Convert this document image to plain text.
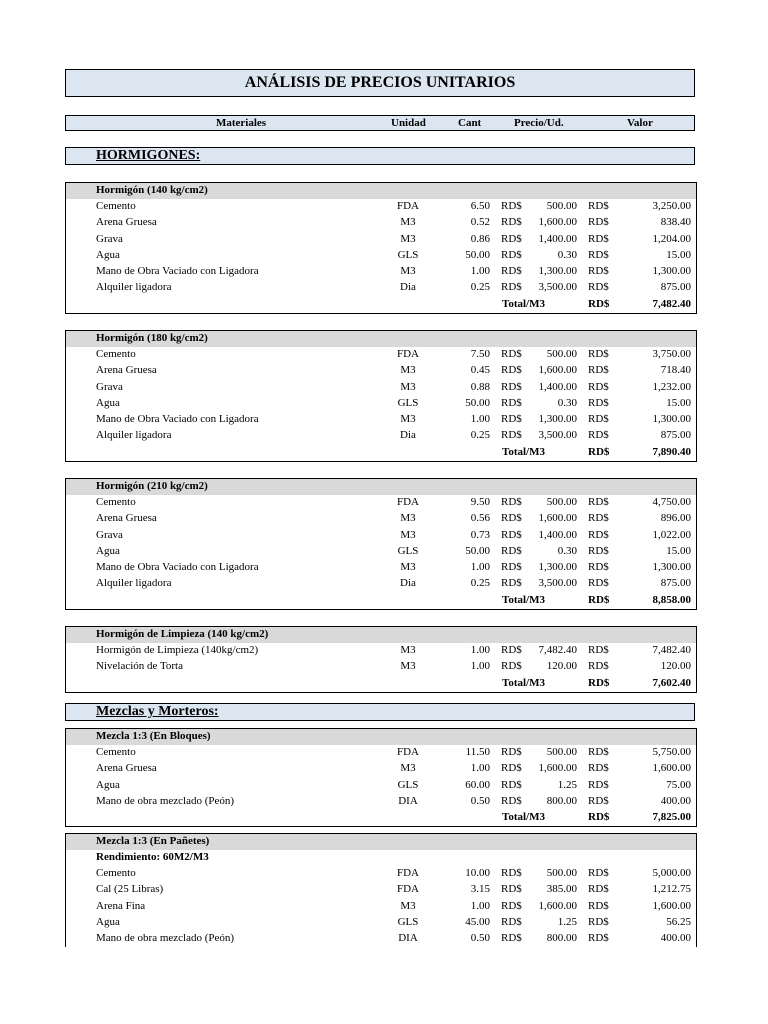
ANÁLISIS DE PRECIOS UNITARIOS
Materiales	Unidad	Cant	Precio/Ud.	Valor
HORMIGONES:
Mezclas y Morteros:
Hormigón (140 kg/cm2)
Cemento	FDA	6.50 RD$ 500.00 RD$	3,250.00
Arena Gruesa	M3	0.52 RD$ 1,600.00 RD$	838.40
Grava	M3	0.86 RD$ 1,400.00 RD$	1,204.00
Agua	GLS	50.00 RD$	0.30 RD$	15.00
Mano de Obra Vaciado con Ligadora	M3	1.00 RD$ 1,300.00 RD$	1,300.00
Alquiler ligadora	Dia	0.25 RD$ 3,500.00 RD$	875.00
Total/M3	RD$	7,482.40
Hormigón (180 kg/cm2)
Cemento	FDA	7.50 RD$ 500.00 RD$	3,750.00
Arena Gruesa	M3	0.45 RD$ 1,600.00 RD$	718.40
Grava	M3	0.88 RD$ 1,400.00 RD$	1,232.00
Agua	GLS	50.00 RD$	0.30 RD$	15.00
Mano de Obra Vaciado con Ligadora	M3	1.00 RD$ 1,300.00 RD$	1,300.00
Alquiler ligadora	Dia	0.25 RD$ 3,500.00 RD$	875.00
Total/M3	RD$	7,890.40
Hormigón (210 kg/cm2)
Cemento	FDA	9.50 RD$ 500.00 RD$	4,750.00
Arena Gruesa	M3	0.56 RD$ 1,600.00 RD$	896.00
Grava	M3	0.73 RD$ 1,400.00 RD$	1,022.00
Agua	GLS	50.00 RD$	0.30 RD$	15.00
Mano de Obra Vaciado con Ligadora	M3	1.00 RD$ 1,300.00 RD$	1,300.00
Alquiler ligadora	Dia	0.25 RD$ 3,500.00 RD$	875.00
Total/M3	RD$	8,858.00
Hormigón de Limpieza (140 kg/cm2)
Hormigón de Limpieza (140kg/cm2)	M3	1.00 RD$ 7,482.40 RD$	7,482.40
Nivelación de Torta	M3	1.00 RD$ 120.00 RD$	120.00
Total/M3	RD$	7,602.40
Mezcla 1:3 (En Bloques)
Cemento	FDA	11.50 RD$ 500.00 RD$	5,750.00
Arena Gruesa	M3	1.00 RD$ 1,600.00 RD$	1,600.00
Agua	GLS	60.00 RD$	1.25 RD$	75.00
Mano de obra mezclado (Peón)	DIA	0.50 RD$ 800.00 RD$	400.00
Total/M3	RD$	7,825.00
Mezcla 1:3 (En Pañetes)
Rendimiento: 60M2/M3
Cemento	FDA	10.00 RD$ 500.00 RD$	5,000.00
Cal (25 Libras)	FDA	3.15 RD$ 385.00 RD$	1,212.75
Arena Fina	M3	1.00 RD$ 1,600.00 RD$	1,600.00
Agua	GLS	45.00 RD$	1.25 RD$	56.25
Mano de obra mezclado (Peón)	DIA	0.50 RD$ 800.00 RD$	400.00
